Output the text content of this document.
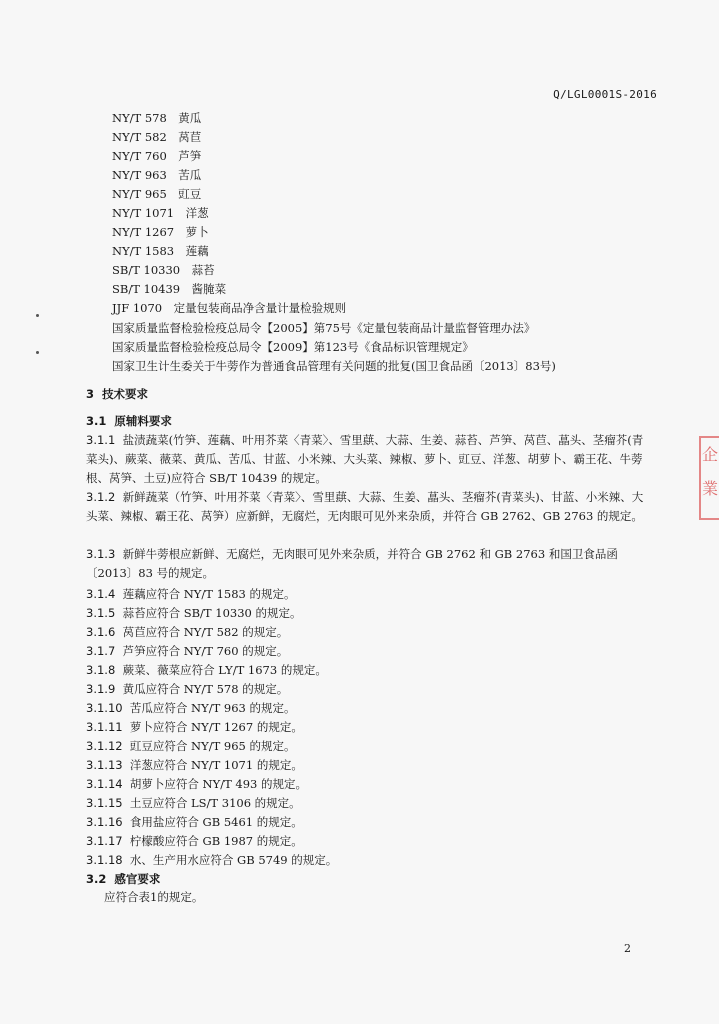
Q/LGL0001S-2016
NY/T 578　黄瓜
NY/T 582　莴苣
NY/T 760　芦笋
NY/T 963　苦瓜
NY/T 965　豇豆
NY/T 1071　洋葱
NY/T 1267　萝卜
NY/T 1583　莲藕
SB/T 10330　蒜苔
SB/T 10439　酱腌菜
JJF 1070　定量包装商品净含量计量检验规则
国家质量监督检验检疫总局令【2005】第75号《定量包装商品计量监督管理办法》
国家质量监督检验检疫总局令【2009】第123号《食品标识管理规定》
国家卫生计生委关于牛蒡作为普通食品管理有关问题的批复(国卫食品函〔2013〕83号)
3 技术要求
3.1 原辅料要求
3.1.1 盐渍蔬菜(竹笋、莲藕、叶用芥菜〈青菜〉、雪里蕻、大蒜、生姜、蒜苔、芦笋、莴苣、蕌头、茎瘤芥(青菜头)、蕨菜、薇菜、黄瓜、苦瓜、甘蓝、小米辣、大头菜、辣椒、萝卜、豇豆、洋葱、胡萝卜、霸王花、牛蒡根、莴笋、土豆)应符合 SB/T 10439 的规定。
3.1.2 新鲜蔬菜（竹笋、叶用芥菜〈青菜〉、雪里蕻、大蒜、生姜、蕌头、茎瘤芥(青菜头)、甘蓝、小米辣、大头菜、辣椒、霸王花、莴笋）应新鲜，无腐烂，无肉眼可见外来杂质，并符合 GB 2762、GB 2763 的规定。
3.1.3 新鲜牛蒡根应新鲜、无腐烂，无肉眼可见外来杂质，并符合 GB 2762 和 GB 2763 和国卫食品函〔2013〕83 号的规定。
3.1.4 莲藕应符合 NY/T 1583 的规定。
3.1.5 蒜苔应符合 SB/T 10330 的规定。
3.1.6 莴苣应符合 NY/T 582 的规定。
3.1.7 芦笋应符合 NY/T 760 的规定。
3.1.8 蕨菜、薇菜应符合 LY/T 1673 的规定。
3.1.9 黄瓜应符合 NY/T 578 的规定。
3.1.10 苦瓜应符合 NY/T 963 的规定。
3.1.11 萝卜应符合 NY/T 1267 的规定。
3.1.12 豇豆应符合 NY/T 965 的规定。
3.1.13 洋葱应符合 NY/T 1071 的规定。
3.1.14 胡萝卜应符合 NY/T 493 的规定。
3.1.15 土豆应符合 LS/T 3106 的规定。
3.1.16 食用盐应符合 GB 5461 的规定。
3.1.17 柠檬酸应符合 GB 1987 的规定。
3.1.18 水、生产用水应符合 GB 5749 的规定。
3.2 感官要求
应符合表1的规定。
企
業
2
